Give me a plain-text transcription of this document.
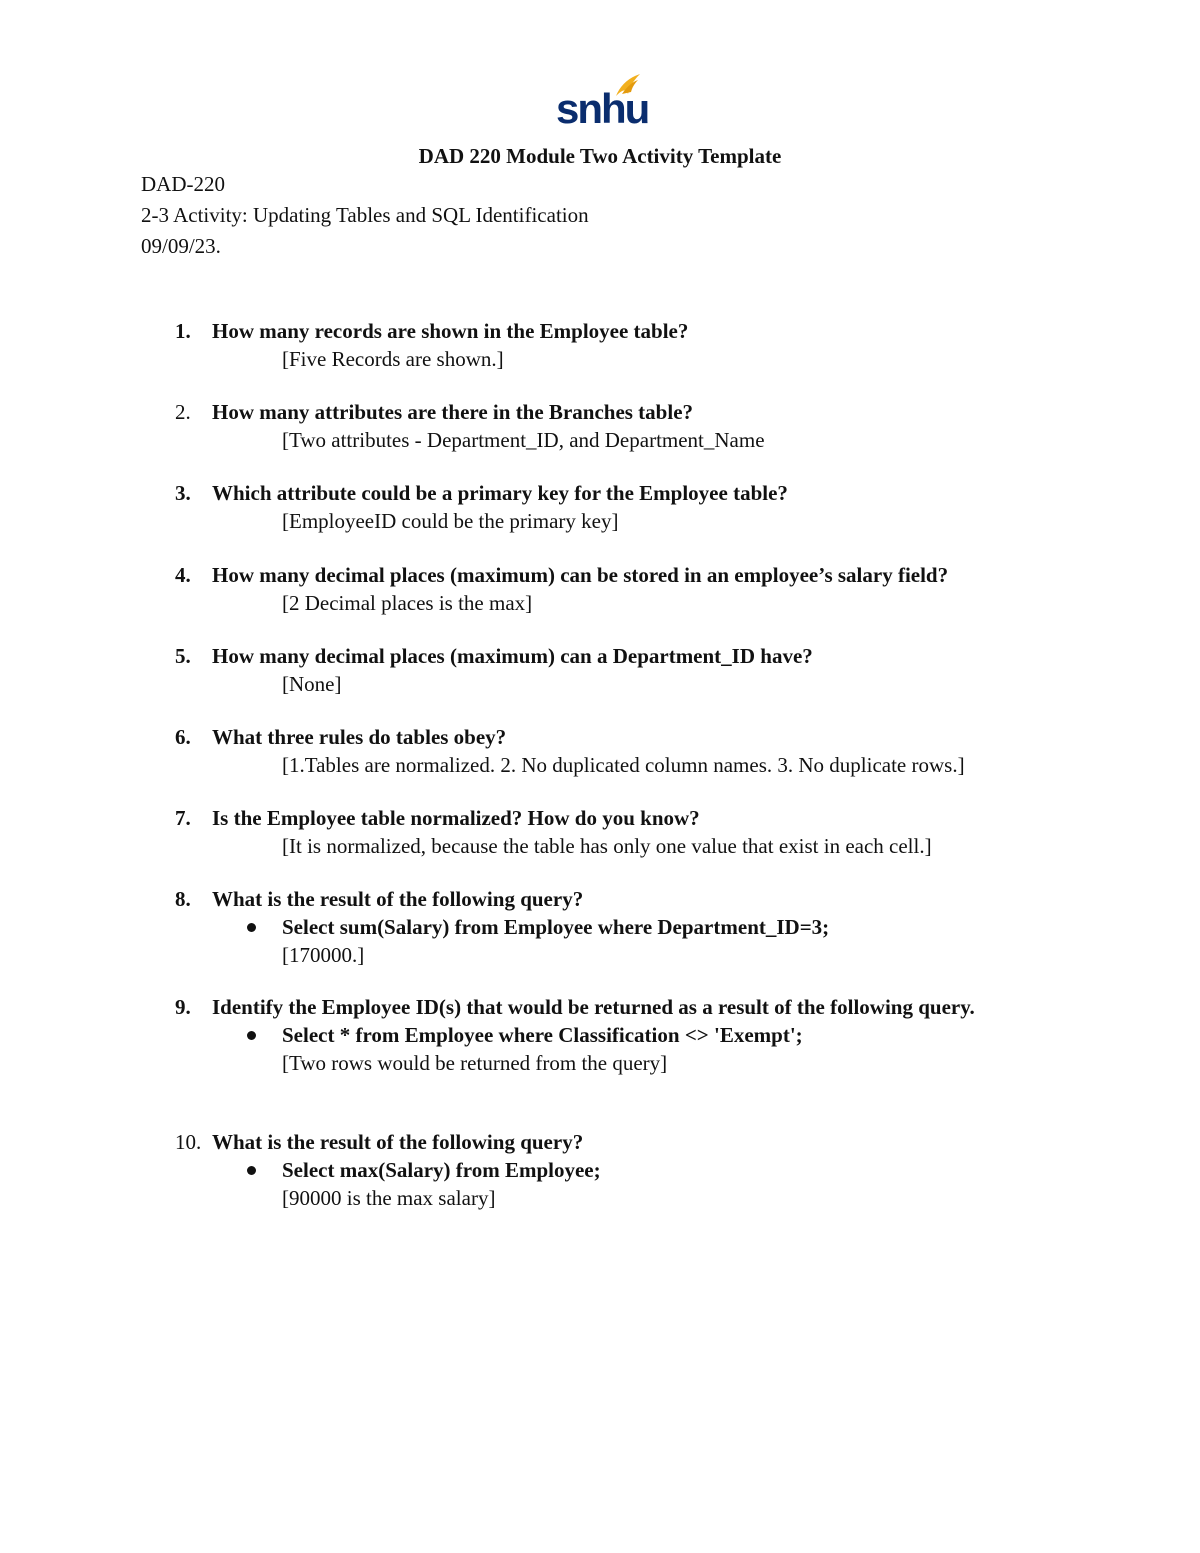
snhu
DAD 220 Module Two Activity Template
DAD-220
2-3 Activity: Updating Tables and SQL Identification
09/09/23.
1.	How many records are shown in the Employee table?
[Five Records are shown.]
2.	How many attributes are there in the Branches table?
[Two attributes - Department_ID, and Department_Name
3.	Which attribute could be a primary key for the Employee table?
[EmployeeID could be the primary key]
4.	How many decimal places (maximum) can be stored in an employee’s salary field?
[2 Decimal places is the max]
5.	How many decimal places (maximum) can a Department_ID have?
[None]
6.	What three rules do tables obey?
[1.Tables are normalized. 2. No duplicated column names. 3. No duplicate rows.]
7.	Is the Employee table normalized? How do you know?
[It is normalized, because the table has only one value that exist in each cell.]
8.	What is the result of the following query?
Select sum(Salary) from Employee where Department_ID=3;
[170000.]
9.	Identify the Employee ID(s) that would be returned as a result of the following query.
Select * from Employee where Classification <> 'Exempt';
[Two rows would be returned from the query]
10. What is the result of the following query?
Select max(Salary) from Employee;
[90000 is the max salary]
